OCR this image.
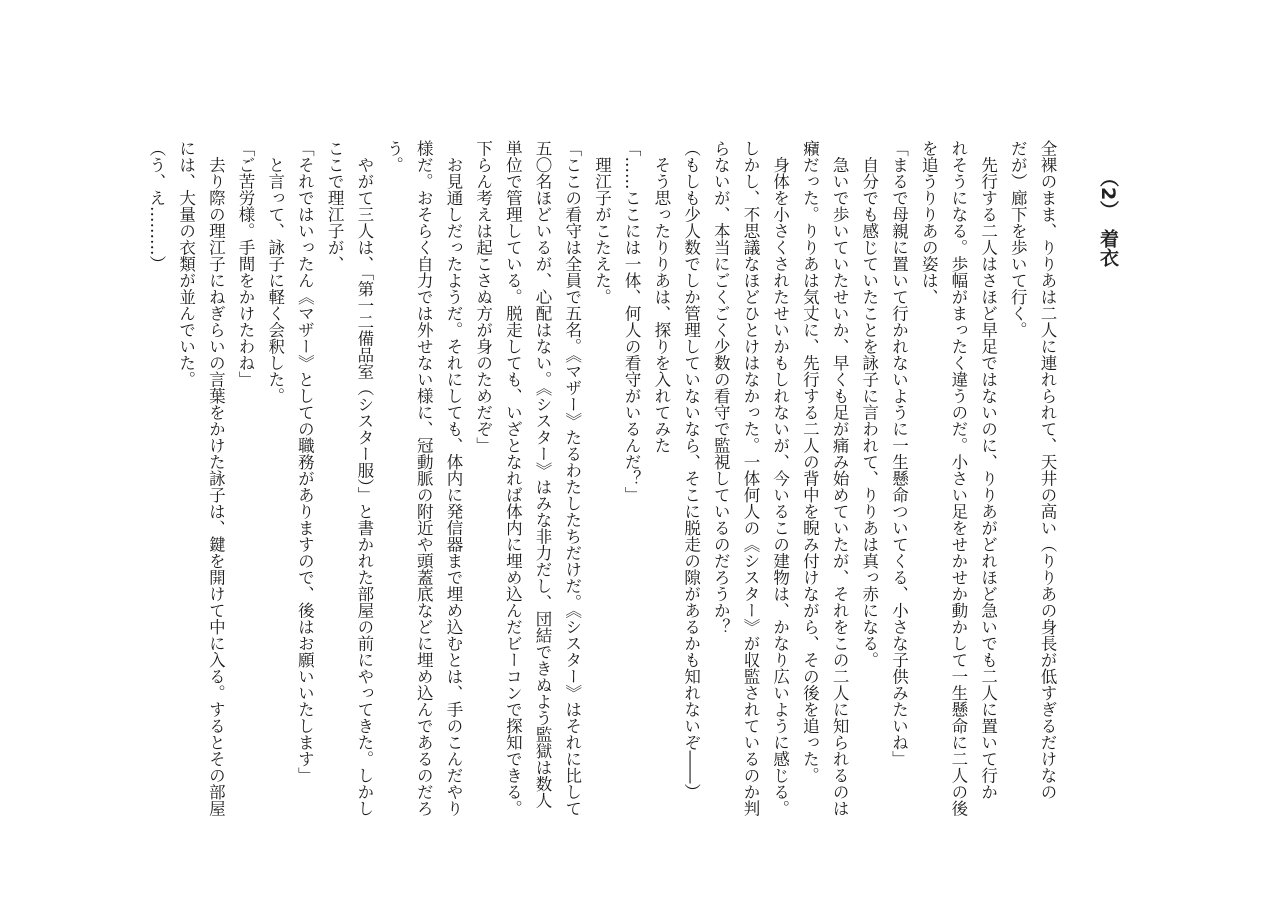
（2）　着衣
全裸のまま、りりあは二人に連れられて、天井の高い（りりあの身長が低すぎるだけなの
だが）廊下を歩いて行く。
　先行する二人はさほど早足ではないのに、りりあがどれほど急いでも二人に置いて行か
れそうになる。歩幅がまったく違うのだ。小さい足をせかせか動かして一生懸命に二人の後
を追うりりあの姿は、
「まるで母親に置いて行かれないように一生懸命ついてくる、小さな子供みたいね」
　自分でも感じていたことを詠子に言われて、りりあは真っ赤になる。
　急いで歩いていたせいか、早くも足が痛み始めていたが、それをこの二人に知られるのは
癪だった。りりあは気丈に、先行する二人の背中を睨み付けながら、その後を追った。
　身体を小さくされたせいかもしれないが、今いるこの建物は、かなり広いように感じる。
しかし、不思議なほどひとけはなかった。一体何人の《シスター》が収監されているのか判
らないが、本当にごくごく少数の看守で監視しているのだろうか？
（もしも少人数でしか管理していないなら、そこに脱走の隙があるかも知れないぞ――）
　そう思ったりりあは、探りを入れてみた
「……ここには一体、何人の看守がいるんだ？」
　理江子がこたえた。
「ここの看守は全員で五名。《マザー》たるわたしたちだけだ。《シスター》はそれに比して
五〇名ほどいるが、心配はない。《シスター》はみな非力だし、団結できぬよう監獄は数人
単位で管理している。脱走しても、いざとなれば体内に埋め込んだビーコンで探知できる。
下らん考えは起こさぬ方が身のためだぞ」
　お見通しだったようだ。それにしても、体内に発信器まで埋め込むとは、手のこんだやり
様だ。おそらく自力では外せない様に、冠動脈の附近や頭蓋底などに埋め込んであるのだろ
う。
　やがて三人は、「第一二備品室（シスター服）」と書かれた部屋の前にやってきた。しかし
ここで理江子が、
「それではいったん《マザー》としての職務がありますので、後はお願いいたします」
　と言って、詠子に軽く会釈した。
「ご苦労様。手間をかけたわね」
　去り際の理江子にねぎらいの言葉をかけた詠子は、鍵を開けて中に入る。するとその部屋
には、大量の衣類が並んでいた。
（う、え………）
